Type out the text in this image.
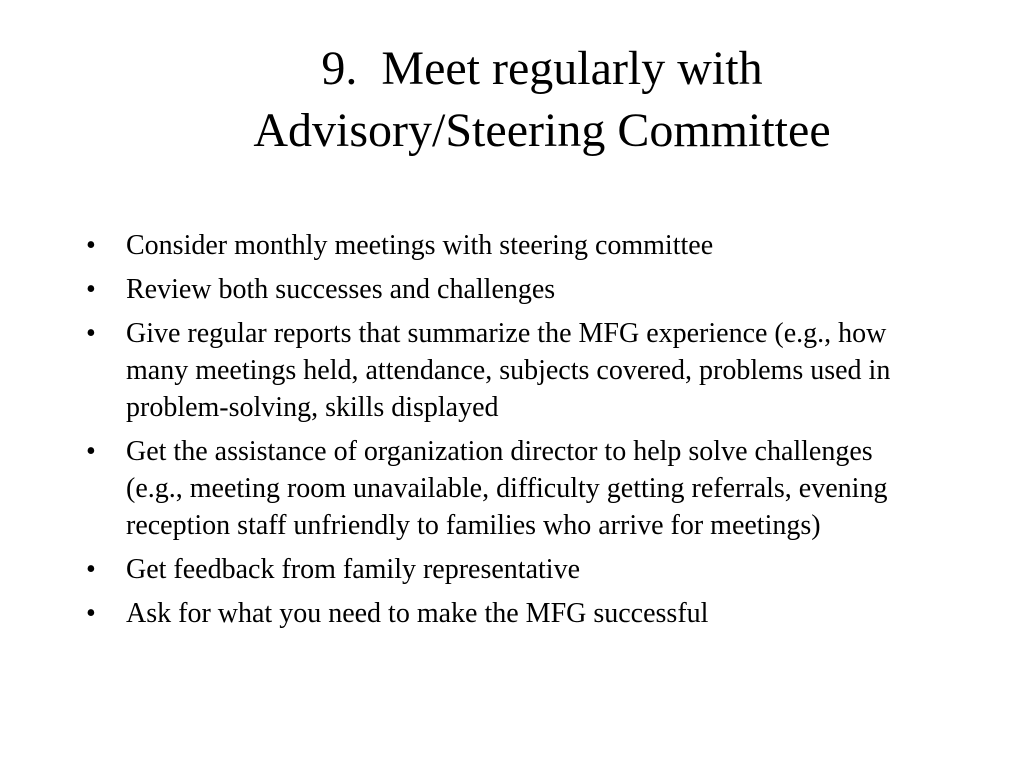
9.  Meet regularly with
Advisory/Steering Committee
•	Consider monthly meetings with steering committee
•	Review both successes and challenges
•	Give regular reports that summarize the MFG experience (e.g., how many meetings held, attendance, subjects covered, problems used in problem-solving, skills displayed
•	Get the assistance of organization director to help solve challenges (e.g., meeting room unavailable, difficulty getting referrals, evening reception staff unfriendly to families who arrive for meetings)
•	Get feedback from family representative
•	Ask for what you need to make the MFG successful
